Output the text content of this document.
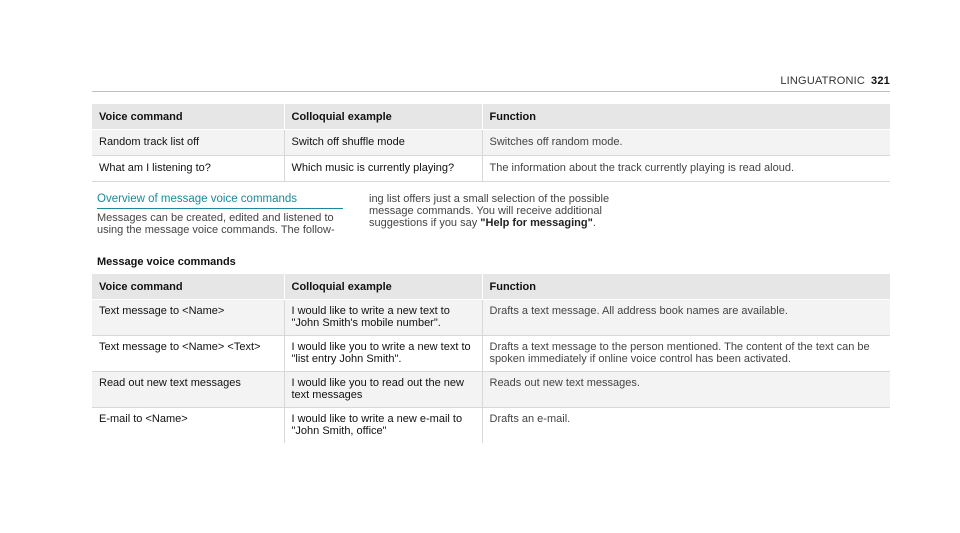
LINGUATRONIC 321
Voice command	Colloquial example	Function
Random track list off	Switch off shuffle mode	Switches off random mode.
What am I listening to?	Which music is currently playing?	The information about the track currently playing is read aloud.
Overview of message voice commands
Messages can be created, edited and listened to using the message voice commands. The follow-
ing list offers just a small selection of the possible message commands. You will receive additional suggestions if you say "Help for messaging".
Message voice commands
Voice command	Colloquial example	Function
Text message to <Name>	I would like to write a new text to "John Smith's mobile number".	Drafts a text message. All address book names are available.
Text message to <Name> <Text>	I would like you to write a new text to "list entry John Smith".	Drafts a text message to the person mentioned. The content of the text can be spoken immediately if online voice control has been activated.
Read out new text messages	I would like you to read out the new text messages	Reads out new text messages.
E-mail to <Name>	I would like to write a new e-mail to "John Smith, office"	Drafts an e-mail.
